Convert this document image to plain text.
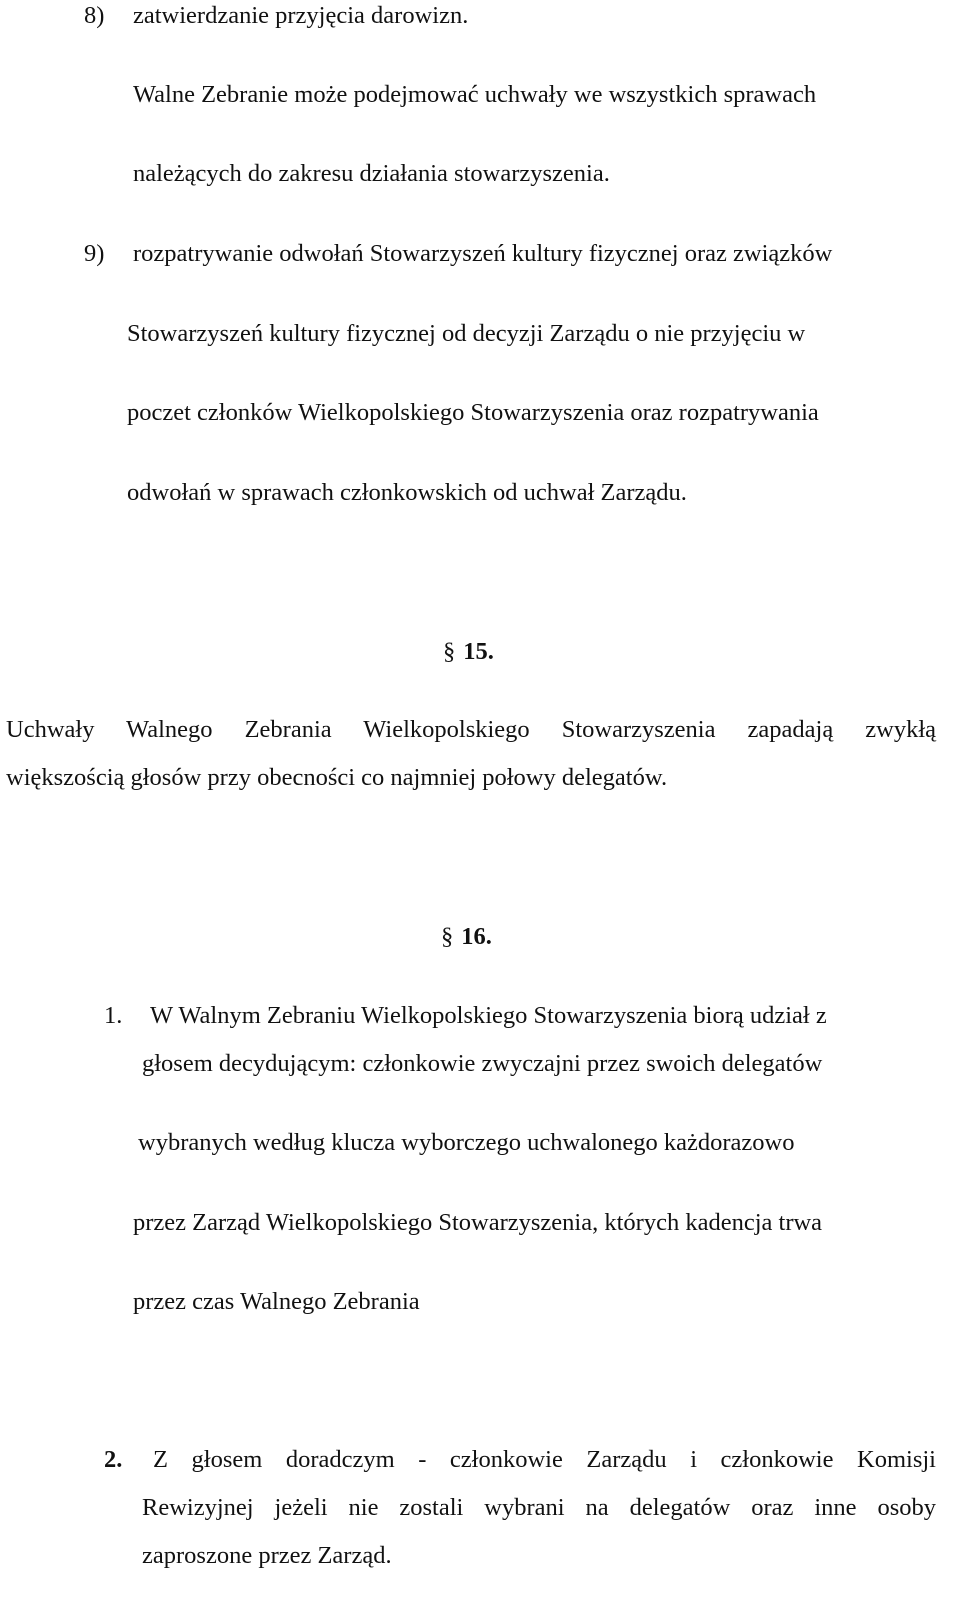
8) zatwierdzanie przyjęcia darowizn.
Walne Zebranie może podejmować uchwały we wszystkich sprawach
należących do zakresu działania stowarzyszenia.
9) rozpatrywanie odwołań Stowarzyszeń kultury fizycznej oraz związków
Stowarzyszeń kultury fizycznej od decyzji Zarządu o nie przyjęciu w
poczet członków Wielkopolskiego Stowarzyszenia oraz rozpatrywania
odwołań w sprawach członkowskich od uchwał Zarządu.
§ 15.
Uchwały Walnego Zebrania Wielkopolskiego Stowarzyszenia zapadają zwykłą
większością głosów przy obecności co najmniej połowy delegatów.
§ 16.
1. W Walnym Zebraniu Wielkopolskiego Stowarzyszenia biorą udział z
głosem decydującym: członkowie zwyczajni przez swoich delegatów
wybranych według klucza wyborczego uchwalonego każdorazowo
przez Zarząd Wielkopolskiego Stowarzyszenia, których kadencja trwa
przez czas Walnego Zebrania
2. Z głosem doradczym - członkowie Zarządu i członkowie Komisji
Rewizyjnej jeżeli nie zostali wybrani na delegatów oraz inne osoby
zaproszone przez Zarząd.
